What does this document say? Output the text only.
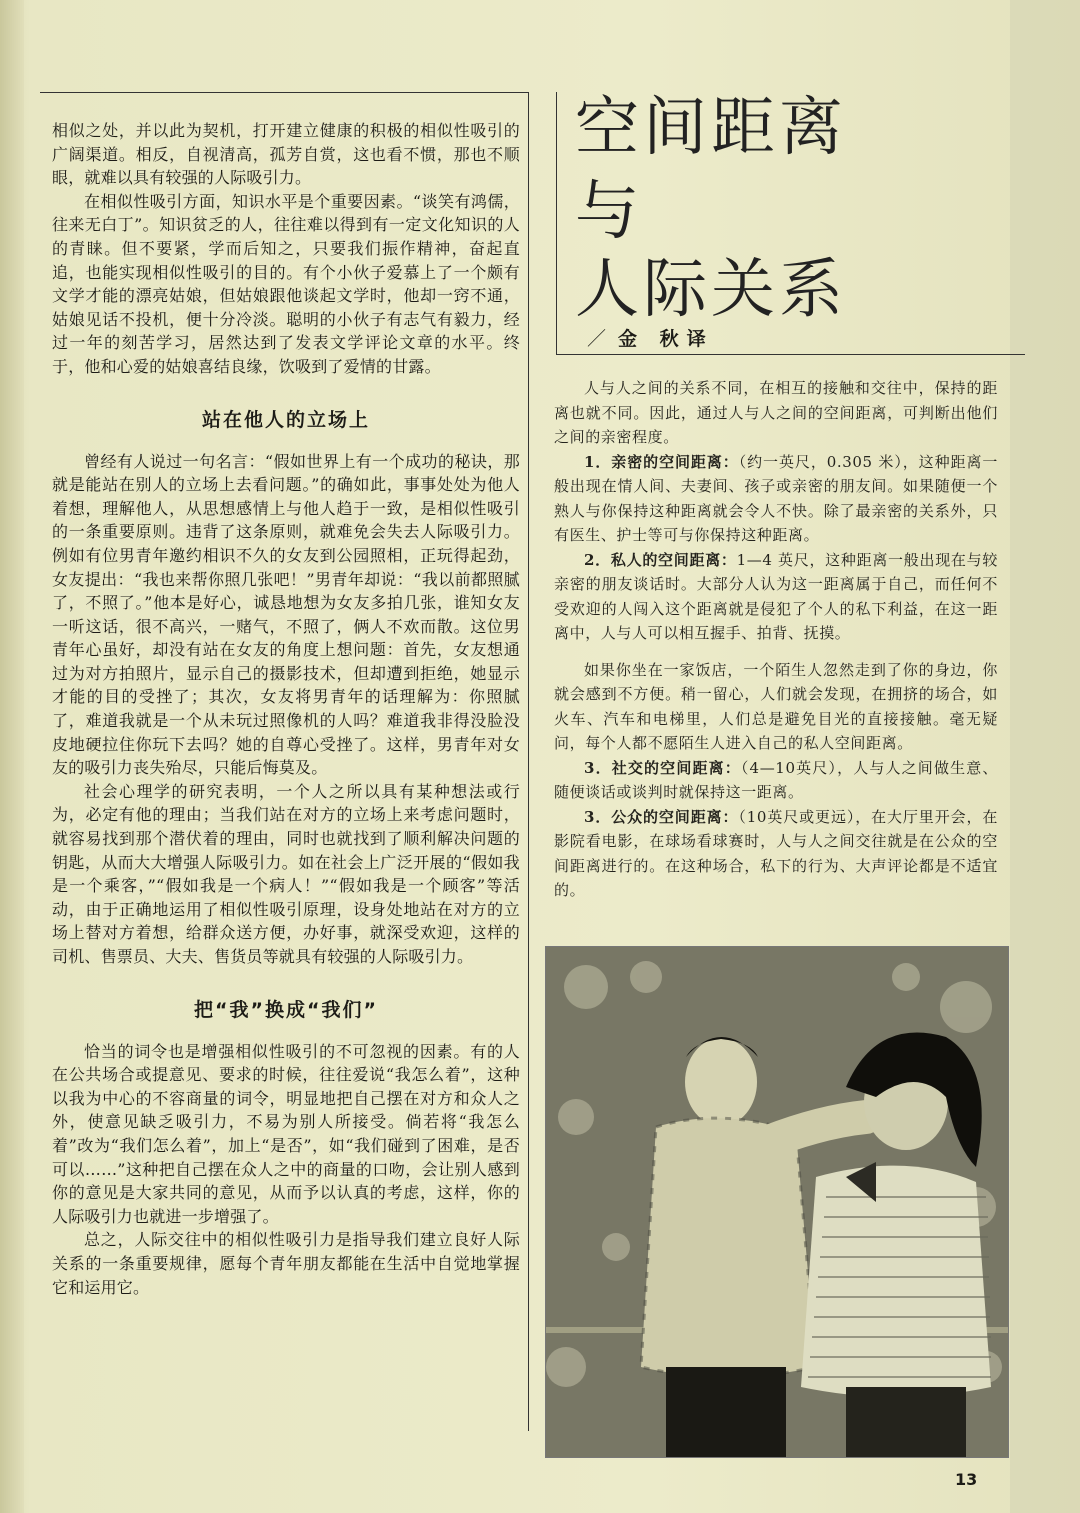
相似之处，并以此为契机，打开建立健康的积极的相似性吸引的广阔渠道。相反，自视清高，孤芳自赏，这也看不惯，那也不顺眼，就难以具有较强的人际吸引力。

在相似性吸引方面，知识水平是个重要因素。“谈笑有鸿儒，往来无白丁”。知识贫乏的人，往往难以得到有一定文化知识的人的青睐。但不要紧，学而后知之，只要我们振作精神，奋起直追，也能实现相似性吸引的目的。有个小伙子爱慕上了一个颇有文学才能的漂亮姑娘，但姑娘跟他谈起文学时，他却一窍不通，姑娘见话不投机，便十分冷淡。聪明的小伙子有志气有毅力，经过一年的刻苦学习，居然达到了发表文学评论文章的水平。终于，他和心爱的姑娘喜结良缘，饮吸到了爱情的甘露。

站在他人的立场上

曾经有人说过一句名言：“假如世界上有一个成功的秘诀，那就是能站在别人的立场上去看问题。”的确如此，事事处处为他人着想，理解他人，从思想感情上与他人趋于一致，是相似性吸引的一条重要原则。违背了这条原则，就难免会失去人际吸引力。例如有位男青年邀约相识不久的女友到公园照相，正玩得起劲，女友提出：“我也来帮你照几张吧！”男青年却说：“我以前都照腻了，不照了。”他本是好心，诚恳地想为女友多拍几张，谁知女友一听这话，很不高兴，一赌气，不照了，俩人不欢而散。这位男青年心虽好，却没有站在女友的角度上想问题：首先，女友想通过为对方拍照片，显示自己的摄影技术，但却遭到拒绝，她显示才能的目的受挫了；其次，女友将男青年的话理解为：你照腻了，难道我就是一个从未玩过照像机的人吗？难道我非得没脸没皮地硬拉住你玩下去吗？她的自尊心受挫了。这样，男青年对女友的吸引力丧失殆尽，只能后悔莫及。

社会心理学的研究表明，一个人之所以具有某种想法或行为，必定有他的理由；当我们站在对方的立场上来考虑问题时，就容易找到那个潜伏着的理由，同时也就找到了顺利解决问题的钥匙，从而大大增强人际吸引力。如在社会上广泛开展的“假如我是一个乘客，”“假如我是一个病人！”“假如我是一个顾客”等活动，由于正确地运用了相似性吸引原理，设身处地站在对方的立场上替对方着想，给群众送方便，办好事，就深受欢迎，这样的司机、售票员、大夫、售货员等就具有较强的人际吸引力。

把“我”换成“我们”

恰当的词令也是增强相似性吸引的不可忽视的因素。有的人在公共场合或提意见、要求的时候，往往爱说“我怎么着”，这种以我为中心的不容商量的词令，明显地把自己摆在对方和众人之外，使意见缺乏吸引力，不易为别人所接受。倘若将“我怎么着”改为“我们怎么着”，加上“是否”，如“我们碰到了困难，是否可以……”这种把自己摆在众人之中的商量的口吻，会让别人感到你的意见是大家共同的意见，从而予以认真的考虑，这样，你的人际吸引力也就进一步增强了。

总之，人际交往中的相似性吸引力是指导我们建立良好人际关系的一条重要规律，愿每个青年朋友都能在生活中自觉地掌握它和运用它。

空间距离
与
人际关系
／ 金 秋译

人与人之间的关系不同，在相互的接触和交往中，保持的距离也就不同。因此，通过人与人之间的空间距离，可判断出他们之间的亲密程度。

1．亲密的空间距离：（约一英尺，0.305 米），这种距离一般出现在情人间、夫妻间、孩子或亲密的朋友间。如果随便一个熟人与你保持这种距离就会令人不快。除了最亲密的关系外，只有医生、护士等可与你保持这种距离。

2．私人的空间距离：1—4 英尺，这种距离一般出现在与较亲密的朋友谈话时。大部分人认为这一距离属于自己，而任何不受欢迎的人闯入这个距离就是侵犯了个人的私下利益，在这一距离中，人与人可以相互握手、拍背、抚摸。

如果你坐在一家饭店，一个陌生人忽然走到了你的身边，你就会感到不方便。稍一留心，人们就会发现，在拥挤的场合，如火车、汽车和电梯里，人们总是避免目光的直接接触。毫无疑问，每个人都不愿陌生人进入自己的私人空间距离。

3．社交的空间距离：（4—10英尺），人与人之间做生意、随便谈话或谈判时就保持这一距离。

3．公众的空间距离：（10英尺或更远），在大厅里开会，在影院看电影，在球场看球赛时，人与人之间交往就是在公众的空间距离进行的。在这种场合，私下的行为、大声评论都是不适宜的。

13
